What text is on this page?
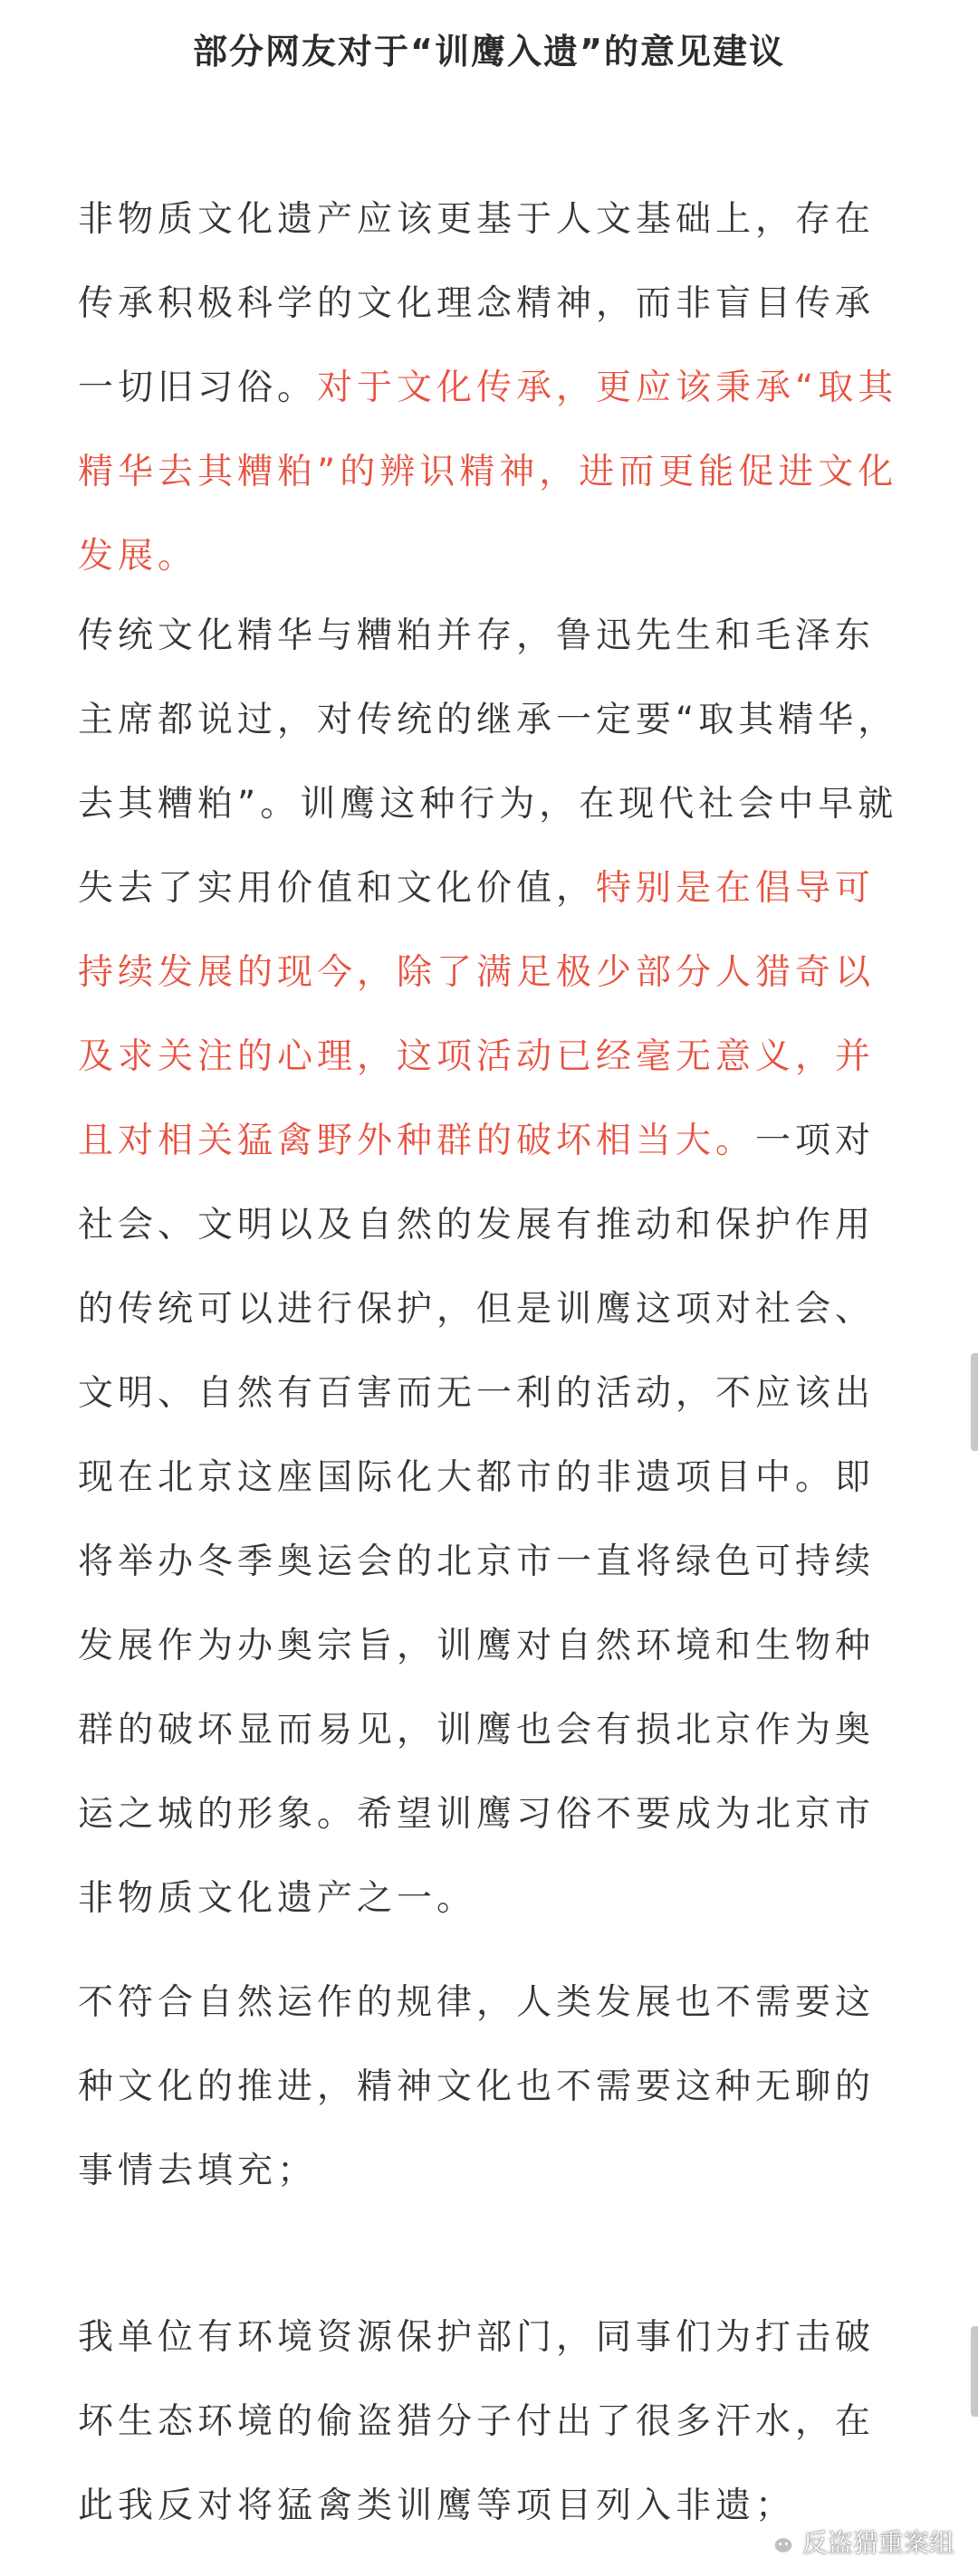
部分网友对于“训鹰入遗”的意见建议

非物质文化遗产应该更基于人文基础上，存在传承积极科学的文化理念精神，而非盲目传承一切旧习俗。对于文化传承，更应该秉承“取其精华去其糟粕”的辨识精神，进而更能促进文化发展。

传统文化精华与糟粕并存，鲁迅先生和毛泽东主席都说过，对传统的继承一定要“取其精华，去其糟粕”。训鹰这种行为，在现代社会中早就失去了实用价值和文化价值，特别是在倡导可持续发展的现今，除了满足极少部分人猎奇以及求关注的心理，这项活动已经毫无意义，并且对相关猛禽野外种群的破坏相当大。一项对社会、文明以及自然的发展有推动和保护作用的传统可以进行保护，但是训鹰这项对社会、文明、自然有百害而无一利的活动，不应该出现在北京这座国际化大都市的非遗项目中。即将举办冬季奥运会的北京市一直将绿色可持续发展作为办奥宗旨，训鹰对自然环境和生物种群的破坏显而易见，训鹰也会有损北京作为奥运之城的形象。希望训鹰习俗不要成为北京市非物质文化遗产之一。

不符合自然运作的规律，人类发展也不需要这种文化的推进，精神文化也不需要这种无聊的事情去填充；

我单位有环境资源保护部门，同事们为打击破坏生态环境的偷盗猎分子付出了很多汗水，在此我反对将猛禽类训鹰等项目列入非遗；

反盗猎重案组
